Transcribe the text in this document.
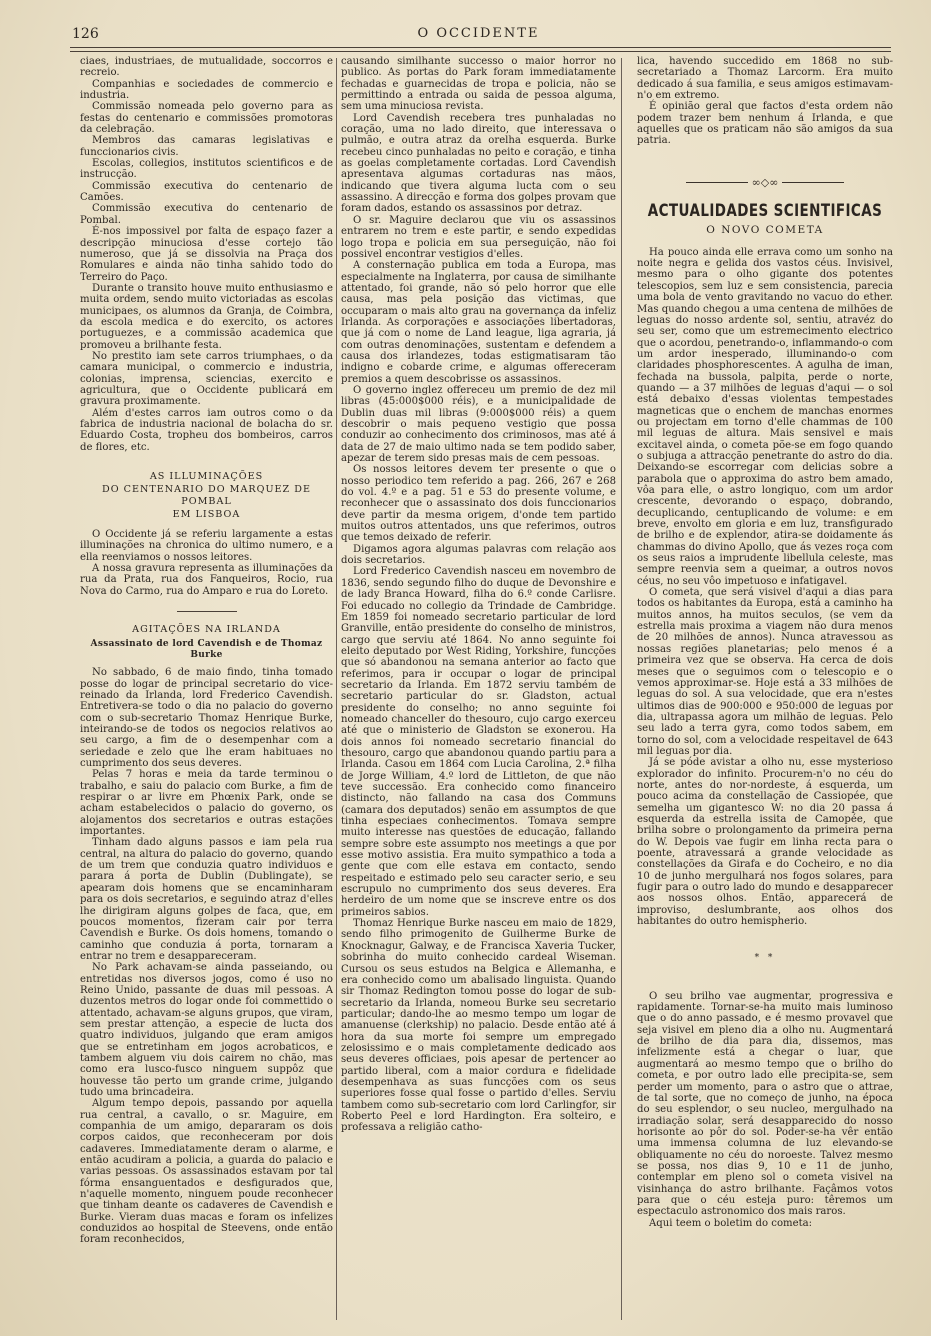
126	O OCCIDENTE

ciaes, industriaes, de mutualidade, soccorros e recreio.

Companhias e sociedades de commercio e industria.

Commissão nomeada pelo governo para as festas do centenario e commissões promotoras da celebração.

Membros das camaras legislativas e funccionarios civis.

Escolas, collegios, institutos scientificos e de instrucção.

Commissão executiva do centenario de Camões.

Commissão executiva do centenario de Pombal.

É-nos impossivel por falta de espaço fazer a descripção minuciosa d'esse cortejo tão numeroso, que já se dissolvia na Praça dos Romulares e ainda não tinha sahido todo do Terreiro do Paço.

Durante o transito houve muito enthusiasmo e muita ordem, sendo muito victoriadas as escolas municipaes, os alumnos da Granja, de Coimbra, da escola medica e do exercito, os actores portuguezes, e a commissão academica que promoveu a brilhante festa.

No prestito iam sete carros triumphaes, o da camara municipal, o commercio e industria, colonias, imprensa, sciencias, exercito e agricultura, que o Occidente publicará em gravura proximamente.

Além d'estes carros iam outros como o da fabrica de industria nacional de bolacha do sr. Eduardo Costa, tropheu dos bombeiros, carros de flores, etc.

AS ILLUMINAÇÕES
DO CENTENARIO DO MARQUEZ DE POMBAL
EM LISBOA

O Occidente já se referiu largamente a estas illuminações na chronica do ultimo numero, e a ella reenviamos o nossos leitores.

A nossa gravura representa as illuminações da rua da Prata, rua dos Fanqueiros, Rocio, rua Nova do Carmo, rua do Amparo e rua do Loreto.

AGITAÇÕES NA IRLANDA
Assassinato de lord Cavendish e de Thomaz Burke

No sabbado, 6 de maio findo, tinha tomado posse do logar de principal secretario do vice-reinado da Irlanda, lord Frederico Cavendish. Entretivera-se todo o dia no palacio do governo com o sub-secretario Thomaz Henrique Burke, inteirando-se de todos os negocios relativos ao seu cargo, a fim de o desempenhar com a seriedade e zelo que lhe eram habituaes no cumprimento dos seus deveres.

Pelas 7 horas e meia da tarde terminou o trabalho, e saiu do palacio com Burke, a fim de respirar o ar livre em Phœnix Park, onde se acham estabelecidos o palacio do governo, os alojamentos dos secretarios e outras estações importantes.

Tinham dado alguns passos e iam pela rua central, na altura do palacio do governo, quando de um trem que conduzia quatro individuos e parara á porta de Dublin (Dublingate), se apearam dois homens que se encaminharam para os dois secretarios, e seguindo atraz d'elles lhe dirigiram alguns golpes de faca, que, em poucos momentos, fizeram cair por terra Cavendish e Burke. Os dois homens, tomando o caminho que conduzia á porta, tornaram a entrar no trem e desappareceram.

No Park achavam-se ainda passeiando, ou entretidas nos diversos jogos, como é uso no Reino Unido, passante de duas mil pessoas. A duzentos metros do logar onde foi commettido o attentado, achavam-se alguns grupos, que viram, sem prestar attenção, a especie de lucta dos quatro individuos, julgando que eram amigos que se entretinham em jogos acrobaticos, e tambem alguem viu dois cairem no chão, mas como era lusco-fusco ninguem suppôz que houvesse tão perto um grande crime, julgando tudo uma brincadeira.

Algum tempo depois, passando por aquella rua central, a cavallo, o sr. Maguire, em companhia de um amigo, depararam os dois corpos caidos, que reconheceram por dois cadaveres. Immediatamente deram o alarme, e então acudiram a policia, a guarda do palacio e varias pessoas. Os assassinados estavam por tal fórma ensanguentados e desfigurados que, n'aquelle momento, ninguem poude reconhecer que tinham deante os cadaveres de Cavendish e Burke. Vieram duas macas e foram os infelizes conduzidos ao hospital de Steevens, onde então foram reconhecidos,

causando similhante successo o maior horror no publico. As portas do Park foram immediatamente fechadas e guarnecidas de tropa e policia, não se permittindo a entrada ou saida de pessoa alguma, sem uma minuciosa revista.

Lord Cavendish recebera tres punhaladas no coração, uma no lado direito, que interessava o pulmão, e outra atraz da orelha esquerda. Burke recebeu cinco punhaladas no peito e coração, e tinha as goelas completamente cortadas. Lord Cavendish apresentava algumas cortaduras nas mãos, indicando que tivera alguma lucta com o seu assassino. A direcção e forma dos golpes provam que foram dados, estando os assassinos por detraz.

O sr. Maguire declarou que viu os assassinos entrarem no trem e este partir, e sendo expedidas logo tropa e policia em sua perseguição, não foi possivel encontrar vestigios d'elles.

A consternação publica em toda a Europa, mas especialmente na Inglaterra, por causa de similhante attentado, foi grande, não só pelo horror que elle causa, mas pela posição das victimas, que occuparam o mais alto grau na governança da infeliz Irlanda. As corporações e associações libertadoras, que já com o nome de Land league, liga agraria, já com outras denominações, sustentam e defendem a causa dos irlandezes, todas estigmatisaram tão indigno e cobarde crime, e algumas offereceram premios a quem descobrisse os assassinos.

O governo inglez offereceu um premio de dez mil libras (45:000$000 réis), e a municipalidade de Dublin duas mil libras (9:000$000 réis) a quem descobrir o mais pequeno vestigio que possa conduzir ao conhecimento dos criminosos, mas até á data de 27 de maio ultimo nada se tem podido saber, apezar de terem sido presas mais de cem pessoas.

Os nossos leitores devem ter presente o que o nosso periodico tem referido a pag. 266, 267 e 268 do vol. 4.º e a pag. 51 e 53 do presente volume, e reconhecer que o assassinato dos dois funccionarios deve partir da mesma origem, d'onde tem partido muitos outros attentados, uns que referimos, outros que temos deixado de referir.

Digamos agora algumas palavras com relação aos dois secretarios.

Lord Frederico Cavendish nasceu em novembro de 1836, sendo segundo filho do duque de Devonshire e de lady Branca Howard, filha do 6.º conde Carlisre. Foi educado no collegio da Trindade de Cambridge. Em 1859 foi nomeado secretario particular de lord Granville, então presidente do conselho de ministros, cargo que serviu até 1864. No anno seguinte foi eleito deputado por West Riding, Yorkshire, funcções que só abandonou na semana anterior ao facto que referimos, para ir occupar o logar de principal secretario da Irlanda. Em 1872 serviu também de secretario particular do sr. Gladston, actual presidente do conselho; no anno seguinte foi nomeado chanceller do thesouro, cujo cargo exerceu até que o ministerio de Gladston se exonerou. Ha dois annos foi nomeado secretario financial do thesouro, cargo que abandonou quando partiu para a Irlanda. Casou em 1864 com Lucia Carolina, 2.ª filha de Jorge William, 4.º lord de Littleton, de que não teve successão. Era conhecido como financeiro distincto, não fallando na casa dos Communs (camara dos deputados) senão em assumptos de que tinha especiaes conhecimentos. Tomava sempre muito interesse nas questões de educação, fallando sempre sobre este assumpto nos meetings a que por esse motivo assistia. Era muito sympathico a toda a gente que com elle estava em contacto, sendo respeitado e estimado pelo seu caracter serio, e seu escrupulo no cumprimento dos seus deveres. Era herdeiro de um nome que se inscreve entre os dos primeiros sabios.

Thomaz Henrique Burke nasceu em maio de 1829, sendo filho primogenito de Guilherme Burke de Knocknagur, Galway, e de Francisca Xaveria Tucker, sobrinha do muito conhecido cardeal Wiseman. Cursou os seus estudos na Belgica e Allemanha, e era conhecido como um abalisado linguista. Quando sir Thomaz Redington tomou posse do logar de sub-secretario da Irlanda, nomeou Burke seu secretario particular; dando-lhe ao mesmo tempo um logar de amanuense (clerkship) no palacio. Desde então até á hora da sua morte foi sempre um empregado zelosissimo e o mais completamente dedicado aos seus deveres officiaes, pois apesar de pertencer ao partido liberal, com a maior cordura e fidelidade desempenhava as suas funcções com os seus superiores fosse qual fosse o partido d'elles. Serviu tambem como sub-secretario com lord Carlingfor, sir Roberto Peel e lord Hardington. Era solteiro, e professava a religião catho-

lica, havendo succedido em 1868 no sub-secretariado a Thomaz Larcorm. Era muito dedicado á sua familia, e seus amigos estimavam-n'o em extremo.

É opinião geral que factos d'esta ordem não podem trazer bem nenhum á Irlanda, e que aquelles que os praticam não são amigos da sua patria.

∞◇∞
ACTUALIDADES SCIENTIFICAS
O NOVO COMETA

Ha pouco ainda elle errava como um sonho na noite negra e gelida dos vastos céus. Invisivel, mesmo para o olho gigante dos potentes telescopios, sem luz e sem consistencia, parecia uma bola de vento gravitando no vacuo do ether. Mas quando chegou a uma centena de milhões de leguas do nosso ardente sol, sentiu, atravéz do seu ser, como que um estremecimento electrico que o acordou, penetrando-o, inflammando-o com um ardor inesperado, illuminando-o com claridades phosphorescentes. A agulha de iman, fechada na bussola, palpita, perde o norte, quando — a 37 milhões de leguas d'aqui — o sol está debaixo d'essas violentas tempestades magneticas que o enchem de manchas enormes ou projectam em torno d'elle chammas de 100 mil leguas de altura. Mais sensivel e mais excitavel ainda, o cometa põe-se em fogo quando o subjuga a attracção penetrante do astro do dia. Deixando-se escorregar com delicias sobre a parabola que o approxima do astro bem amado, vôa para elle, o astro longiquo, com um ardor crescente, devorando o espaço, dobrando, decuplicando, centuplicando de volume: e em breve, envolto em gloria e em luz, transfigurado de brilho e de explendor, atira-se doidamente ás chammas do divino Apollo, que ás vezes roça com os seus raios a imprudente libellula celeste, mas sempre reenvia sem a queimar, a outros novos céus, no seu vôo impetuoso e infatigavel.

O cometa, que será visivel d'aqui a dias para todos os habitantes da Europa, está a caminho ha muitos annos, ha muitos seculos, (se vem da estrella mais proxima a viagem não dura menos de 20 milhões de annos). Nunca atravessou as nossas regiões planetarias; pelo menos é a primeira vez que se observa. Ha cerca de dois meses que o seguimos com o telescopio e o vemos approximar-se. Hoje está a 33 milhões de leguas do sol. A sua velocidade, que era n'estes ultimos dias de 900:000 e 950:000 de leguas por dia, ultrapassa agora um milhão de leguas. Pelo seu lado a terra gyra, como todos sabem, em torno do sol, com a velocidade respeitavel de 643 mil leguas por dia.

Já se póde avistar a olho nu, esse mysterioso explorador do infinito. Procurem-n'o no céu do norte, antes do nor-nordeste, á esquerda, um pouco acima da constellação de Cassiopée, que semelha um gigantesco W: no dia 20 passa á esquerda da estrella issita de Camopée, que brilha sobre o prolongamento da primeira perna do W. Depois vae fugir em linha recta para o poente, atravessará a grande velocidade as constellações da Girafa e do Cocheiro, e no dia 10 de junho mergulhará nos fogos solares, para fugir para o outro lado do mundo e desapparecer aos nossos olhos. Então, apparecerá de improviso, deslumbrante, aos olhos dos habitantes do outro hemispherio.

* *

O seu brilho vae augmentar, progressiva e rapidamente. Tornar-se-ha muito mais luminoso que o do anno passado, e é mesmo provavel que seja visivel em pleno dia a olho nu. Augmentará de brilho de dia para dia, dissemos, mas infelizmente está a chegar o luar, que augmentará ao mesmo tempo que o brilho do cometa, e por outro lado elle precipita-se, sem perder um momento, para o astro que o attrae, de tal sorte, que no começo de junho, na época do seu esplendor, o seu nucleo, mergulhado na irradiação solar, será desapparecido do nosso horisonte ao pôr do sol. Poder-se-ha vêr então uma immensa columna de luz elevando-se obliquamente no céu do noroeste. Talvez mesmo se possa, nos dias 9, 10 e 11 de junho, contemplar em pleno sol o cometa visivel na visinhança do astro brilhante. Façâmos votos para que o céu esteja puro: têremos um espectaculo astronomico dos mais raros.

Aqui teem o boletim do cometa:
